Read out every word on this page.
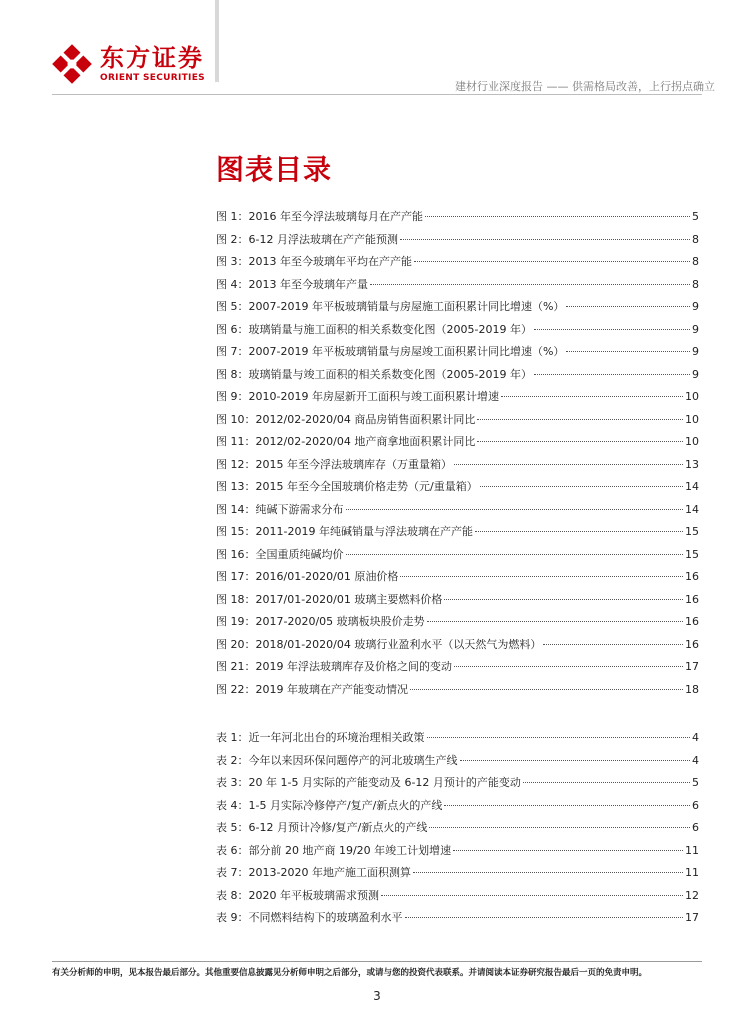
东方证券
ORIENT SECURITIES
建材行业深度报告 —— 供需格局改善，上行拐点确立
图表目录
图 1：2016 年至今浮法玻璃每月在产产能	5
图 2：6-12 月浮法玻璃在产产能预测	8
图 3：2013 年至今玻璃年平均在产产能	8
图 4：2013 年至今玻璃年产量	8
图 5：2007-2019 年平板玻璃销量与房屋施工面积累计同比增速（%）	9
图 6：玻璃销量与施工面积的相关系数变化图（2005-2019 年）	9
图 7：2007-2019 年平板玻璃销量与房屋竣工面积累计同比增速（%）	9
图 8：玻璃销量与竣工面积的相关系数变化图（2005-2019 年）	9
图 9：2010-2019 年房屋新开工面积与竣工面积累计增速	10
图 10：2012/02-2020/04 商品房销售面积累计同比	10
图 11：2012/02-2020/04 地产商拿地面积累计同比	10
图 12：2015 年至今浮法玻璃库存（万重量箱）	13
图 13：2015 年至今全国玻璃价格走势（元/重量箱）	14
图 14：纯碱下游需求分布	14
图 15：2011-2019 年纯碱销量与浮法玻璃在产产能	15
图 16：全国重质纯碱均价	15
图 17：2016/01-2020/01 原油价格	16
图 18：2017/01-2020/01 玻璃主要燃料价格	16
图 19：2017-2020/05 玻璃板块股价走势	16
图 20：2018/01-2020/04 玻璃行业盈利水平（以天然气为燃料）	16
图 21：2019 年浮法玻璃库存及价格之间的变动	17
图 22：2019 年玻璃在产产能变动情况	18
表 1：近一年河北出台的环境治理相关政策	4
表 2：今年以来因环保问题停产的河北玻璃生产线	4
表 3：20 年 1-5 月实际的产能变动及 6-12 月预计的产能变动	5
表 4：1-5 月实际冷修停产/复产/新点火的产线	6
表 5：6-12 月预计冷修/复产/新点火的产线	6
表 6：部分前 20 地产商 19/20 年竣工计划增速	11
表 7：2013-2020 年地产施工面积测算	11
表 8：2020 年平板玻璃需求预测	12
表 9：不同燃料结构下的玻璃盈利水平	17
有关分析师的申明，见本报告最后部分。其他重要信息披露见分析师申明之后部分，或请与您的投资代表联系。并请阅读本证券研究报告最后一页的免责申明。
3
